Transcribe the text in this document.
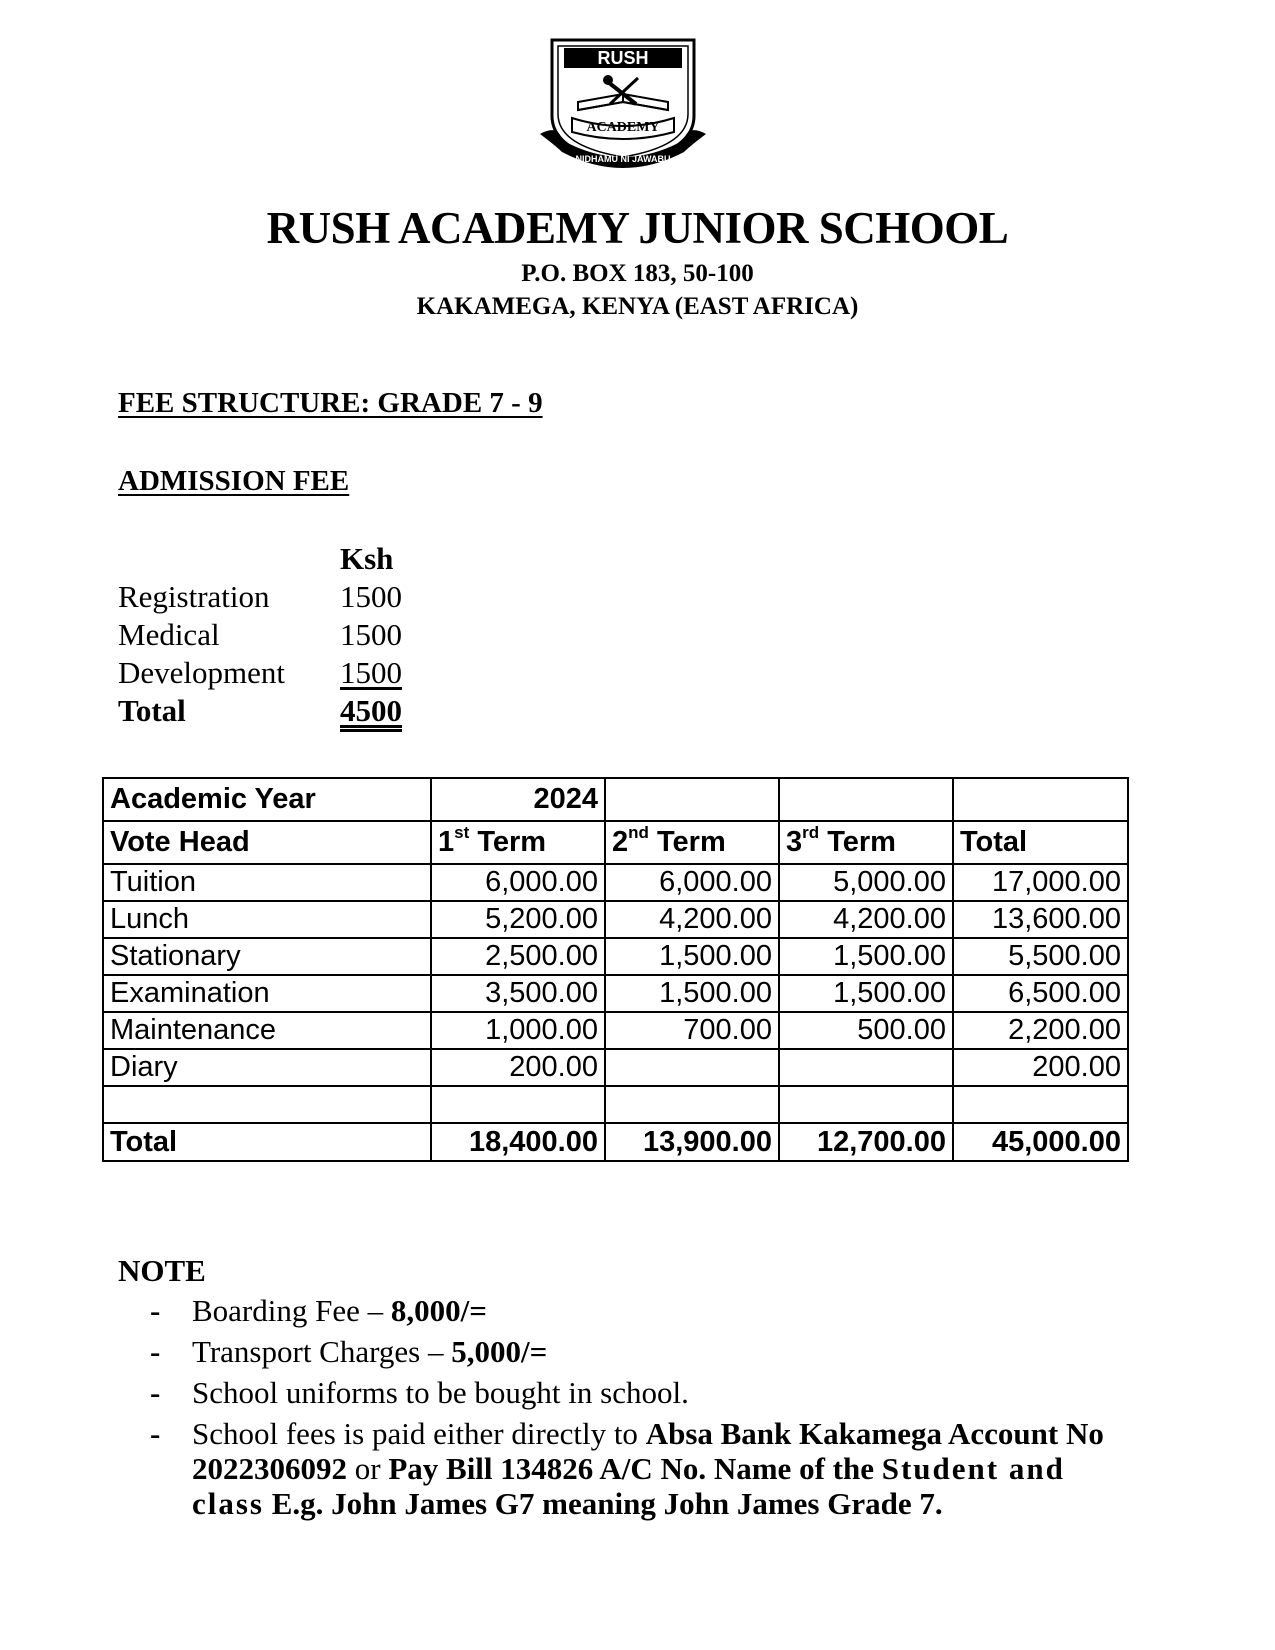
RUSH
ACADEMY
NIDHAMU NI JAWABU
RUSH ACADEMY JUNIOR SCHOOL
P.O. BOX 183, 50-100
KAKAMEGA, KENYA (EAST AFRICA)
FEE STRUCTURE: GRADE 7 - 9
ADMISSION FEE
Ksh
Registration 1500
Medical	1500
Development 1500
Total	4500
Academic Year	2024			
Vote Head	1st Term	2nd Term	3rd Term	Total
Tuition	6,000.00	6,000.00	5,000.00	17,000.00
Lunch	5,200.00	4,200.00	4,200.00	13,600.00
Stationary	2,500.00	1,500.00	1,500.00	5,500.00
Examination	3,500.00	1,500.00	1,500.00	6,500.00
Maintenance	1,000.00	700.00	500.00	2,200.00
Diary	200.00			200.00

Total	18,400.00	13,900.00	12,700.00	45,000.00
NOTE
- Boarding Fee – 8,000/=
- Transport Charges – 5,000/=
- School uniforms to be bought in school.
- School fees is paid either directly to Absa Bank Kakamega Account No 2022306092 or Pay Bill 134826 A/C No. Name of the Student and class E.g. John James G7 meaning John James Grade 7.
